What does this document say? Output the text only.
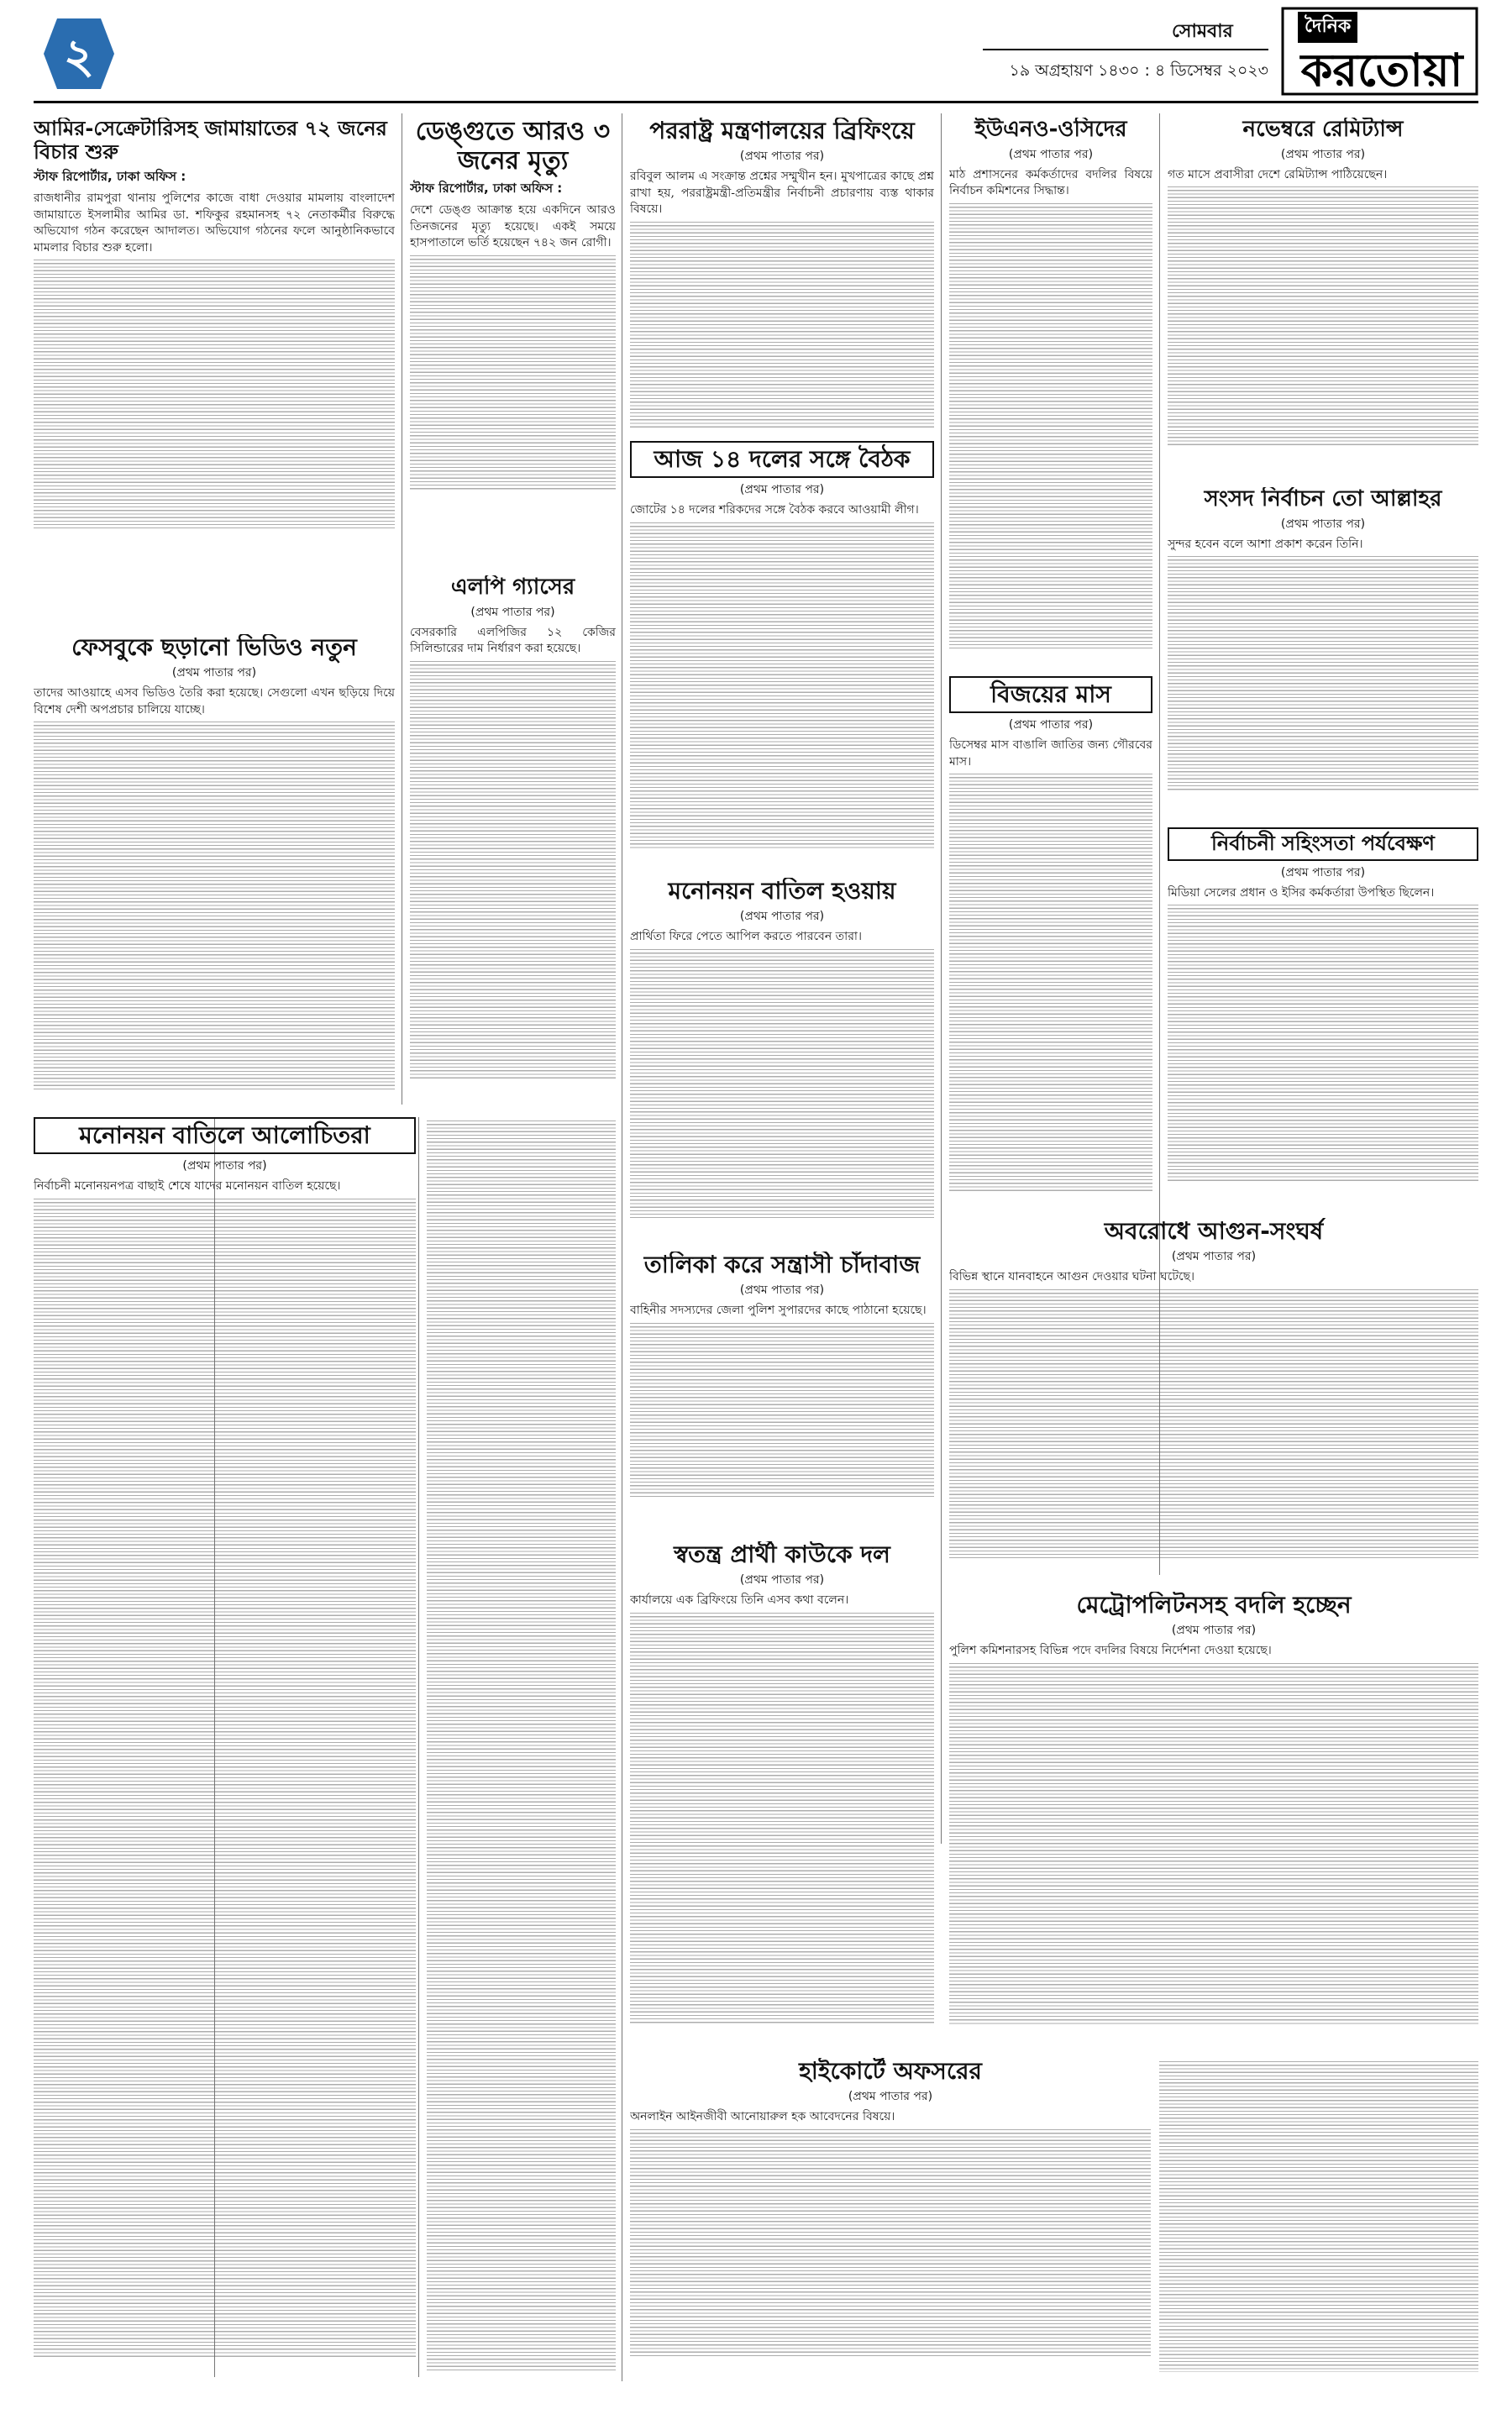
২	সোমবার
১৯ অগ্রহায়ণ ১৪৩০ : ৪ ডিসেম্বর ২০২৩
দৈনিক
করতোয়া
আমির-সেক্রেটারিসহ জামায়াতের ৭২ জনের বিচার শুরু
স্টাফ রিপোর্টার, ঢাকা অফিস :
রাজধানীর রামপুরা থানায় পুলিশের কাজে বাধা দেওয়ার মামলায় বাংলাদেশ জামায়াতে ইসলামীর আমির ডা. শফিকুর রহমানসহ ৭২ নেতাকর্মীর বিরুদ্ধে অভিযোগ গঠন করেছেন আদালত। অভিযোগ গঠনের ফলে আনুষ্ঠানিকভাবে মামলার বিচার শুরু হলো।
ফেসবুকে ছড়ানো ভিডিও নতুন
(প্রথম পাতার পর)
তাদের আওয়াহে এসব ভিডিও তৈরি করা হয়েছে। সেগুলো এখন ছড়িয়ে দিয়ে বিশেষ দেশী অপপ্রচার চালিয়ে যাচ্ছে।
ডেঙ্গুতে আরও ৩ জনের মৃত্যু
স্টাফ রিপোর্টার, ঢাকা অফিস :
দেশে ডেঙ্গু আক্রান্ত হয়ে একদিনে আরও তিনজনের মৃত্যু হয়েছে। একই সময়ে হাসপাতালে ভর্তি হয়েছেন ৭৪২ জন রোগী।
এলপি গ্যাসের
(প্রথম পাতার পর)
বেসরকারি এলপিজির ১২ কেজির সিলিন্ডারের দাম নির্ধারণ করা হয়েছে।
মনোনয়ন বাতিলে আলোচিতরা
(প্রথম পাতার পর)
নির্বাচনী মনোনয়নপত্র বাছাই শেষে যাদের মনোনয়ন বাতিল হয়েছে।
পররাষ্ট্র মন্ত্রণালয়ের ব্রিফিংয়ে
(প্রথম পাতার পর)
রবিবুল আলম এ সংক্রান্ত প্রশ্নের সম্মুখীন হন। মুখপাত্রের কাছে প্রশ্ন রাখা হয়, পররাষ্ট্রমন্ত্রী-প্রতিমন্ত্রীর নির্বাচনী প্রচারণায় ব্যস্ত থাকার বিষয়ে।
আজ ১৪ দলের সঙ্গে বৈঠক
(প্রথম পাতার পর)
জোটের ১৪ দলের শরিকদের সঙ্গে বৈঠক করবে আওয়ামী লীগ।
মনোনয়ন বাতিল হওয়ায়
(প্রথম পাতার পর)
প্রার্থিতা ফিরে পেতে আপিল করতে পারবেন তারা।
তালিকা করে সন্ত্রাসী চাঁদাবাজ
(প্রথম পাতার পর)
বাহিনীর সদস্যদের জেলা পুলিশ সুপারদের কাছে পাঠানো হয়েছে।
স্বতন্ত্র প্রার্থী কাউকে দল
(প্রথম পাতার পর)
কার্যালয়ে এক ব্রিফিংয়ে তিনি এসব কথা বলেন।
হাইকোর্টে অফসরের
(প্রথম পাতার পর)
অনলাইন আইনজীবী আনোয়ারুল হক আবেদনের বিষয়ে।
ইউএনও-ওসিদের
(প্রথম পাতার পর)
মাঠ প্রশাসনের কর্মকর্তাদের বদলির বিষয়ে নির্বাচন কমিশনের সিদ্ধান্ত।
বিজয়ের মাস
(প্রথম পাতার পর)
ডিসেম্বর মাস বাঙালি জাতির জন্য গৌরবের মাস।
অবরোধে আগুন-সংঘর্ষ
(প্রথম পাতার পর)
বিভিন্ন স্থানে যানবাহনে আগুন দেওয়ার ঘটনা ঘটেছে।
নভেম্বরে রেমিট্যান্স
(প্রথম পাতার পর)
গত মাসে প্রবাসীরা দেশে রেমিট্যান্স পাঠিয়েছেন।
সংসদ নির্বাচন তো আল্লাহর
(প্রথম পাতার পর)
সুন্দর হবেন বলে আশা প্রকাশ করেন তিনি।
নির্বাচনী সহিংসতা পর্যবেক্ষণ
(প্রথম পাতার পর)
মিডিয়া সেলের প্রধান ও ইসির কর্মকর্তারা উপস্থিত ছিলেন।
মেট্রোপলিটনসহ বদলি হচ্ছেন
(প্রথম পাতার পর)
পুলিশ কমিশনারসহ বিভিন্ন পদে বদলির বিষয়ে নির্দেশনা দেওয়া হয়েছে।
